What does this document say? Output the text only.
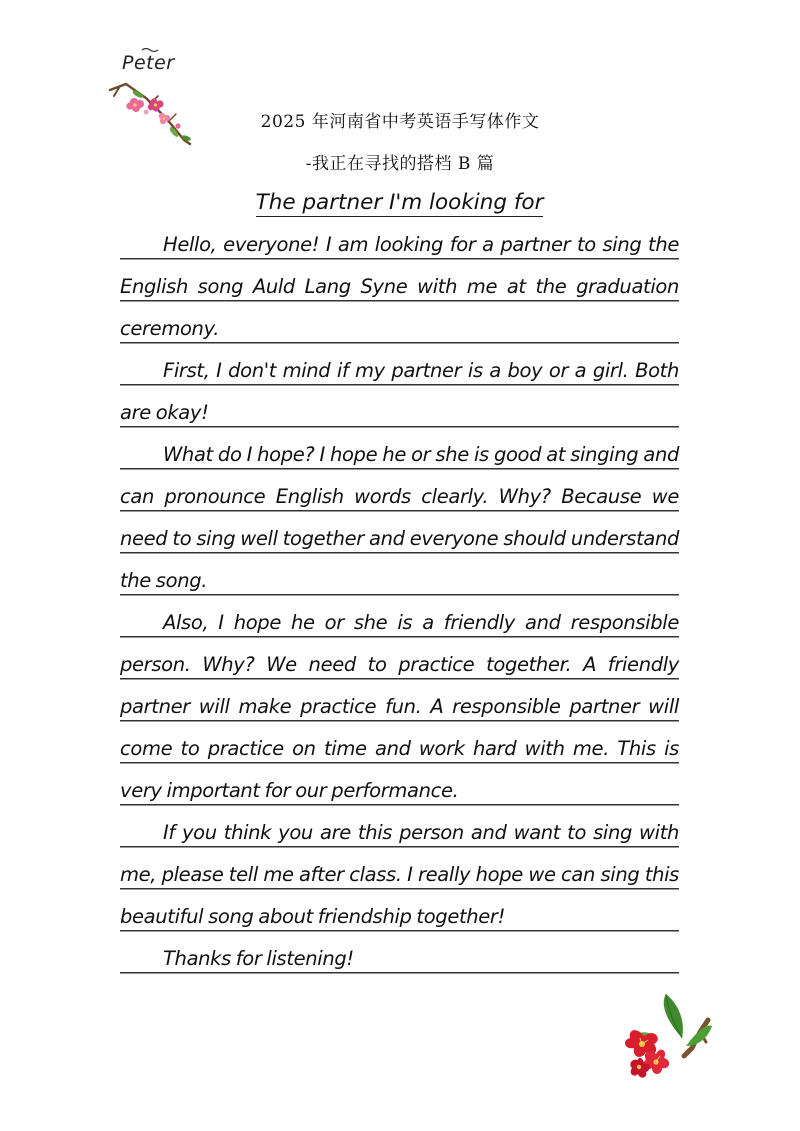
Peter
2025 年河南省中考英语手写体作文
-我正在寻找的搭档 B 篇
The partner I'm looking for

Hello, everyone! I am looking for a partner to sing the English song Auld Lang Syne with me at the graduation ceremony.

First, I don't mind if my partner is a boy or a girl. Both are okay!

What do I hope? I hope he or she is good at singing and can pronounce English words clearly. Why? Because we need to sing well together and everyone should understand the song.

Also, I hope he or she is a friendly and responsible person. Why? We need to practice together. A friendly partner will make practice fun. A responsible partner will come to practice on time and work hard with me. This is very important for our performance.

If you think you are this person and want to sing with me, please tell me after class. I really hope we can sing this beautiful song about friendship together!

Thanks for listening!
